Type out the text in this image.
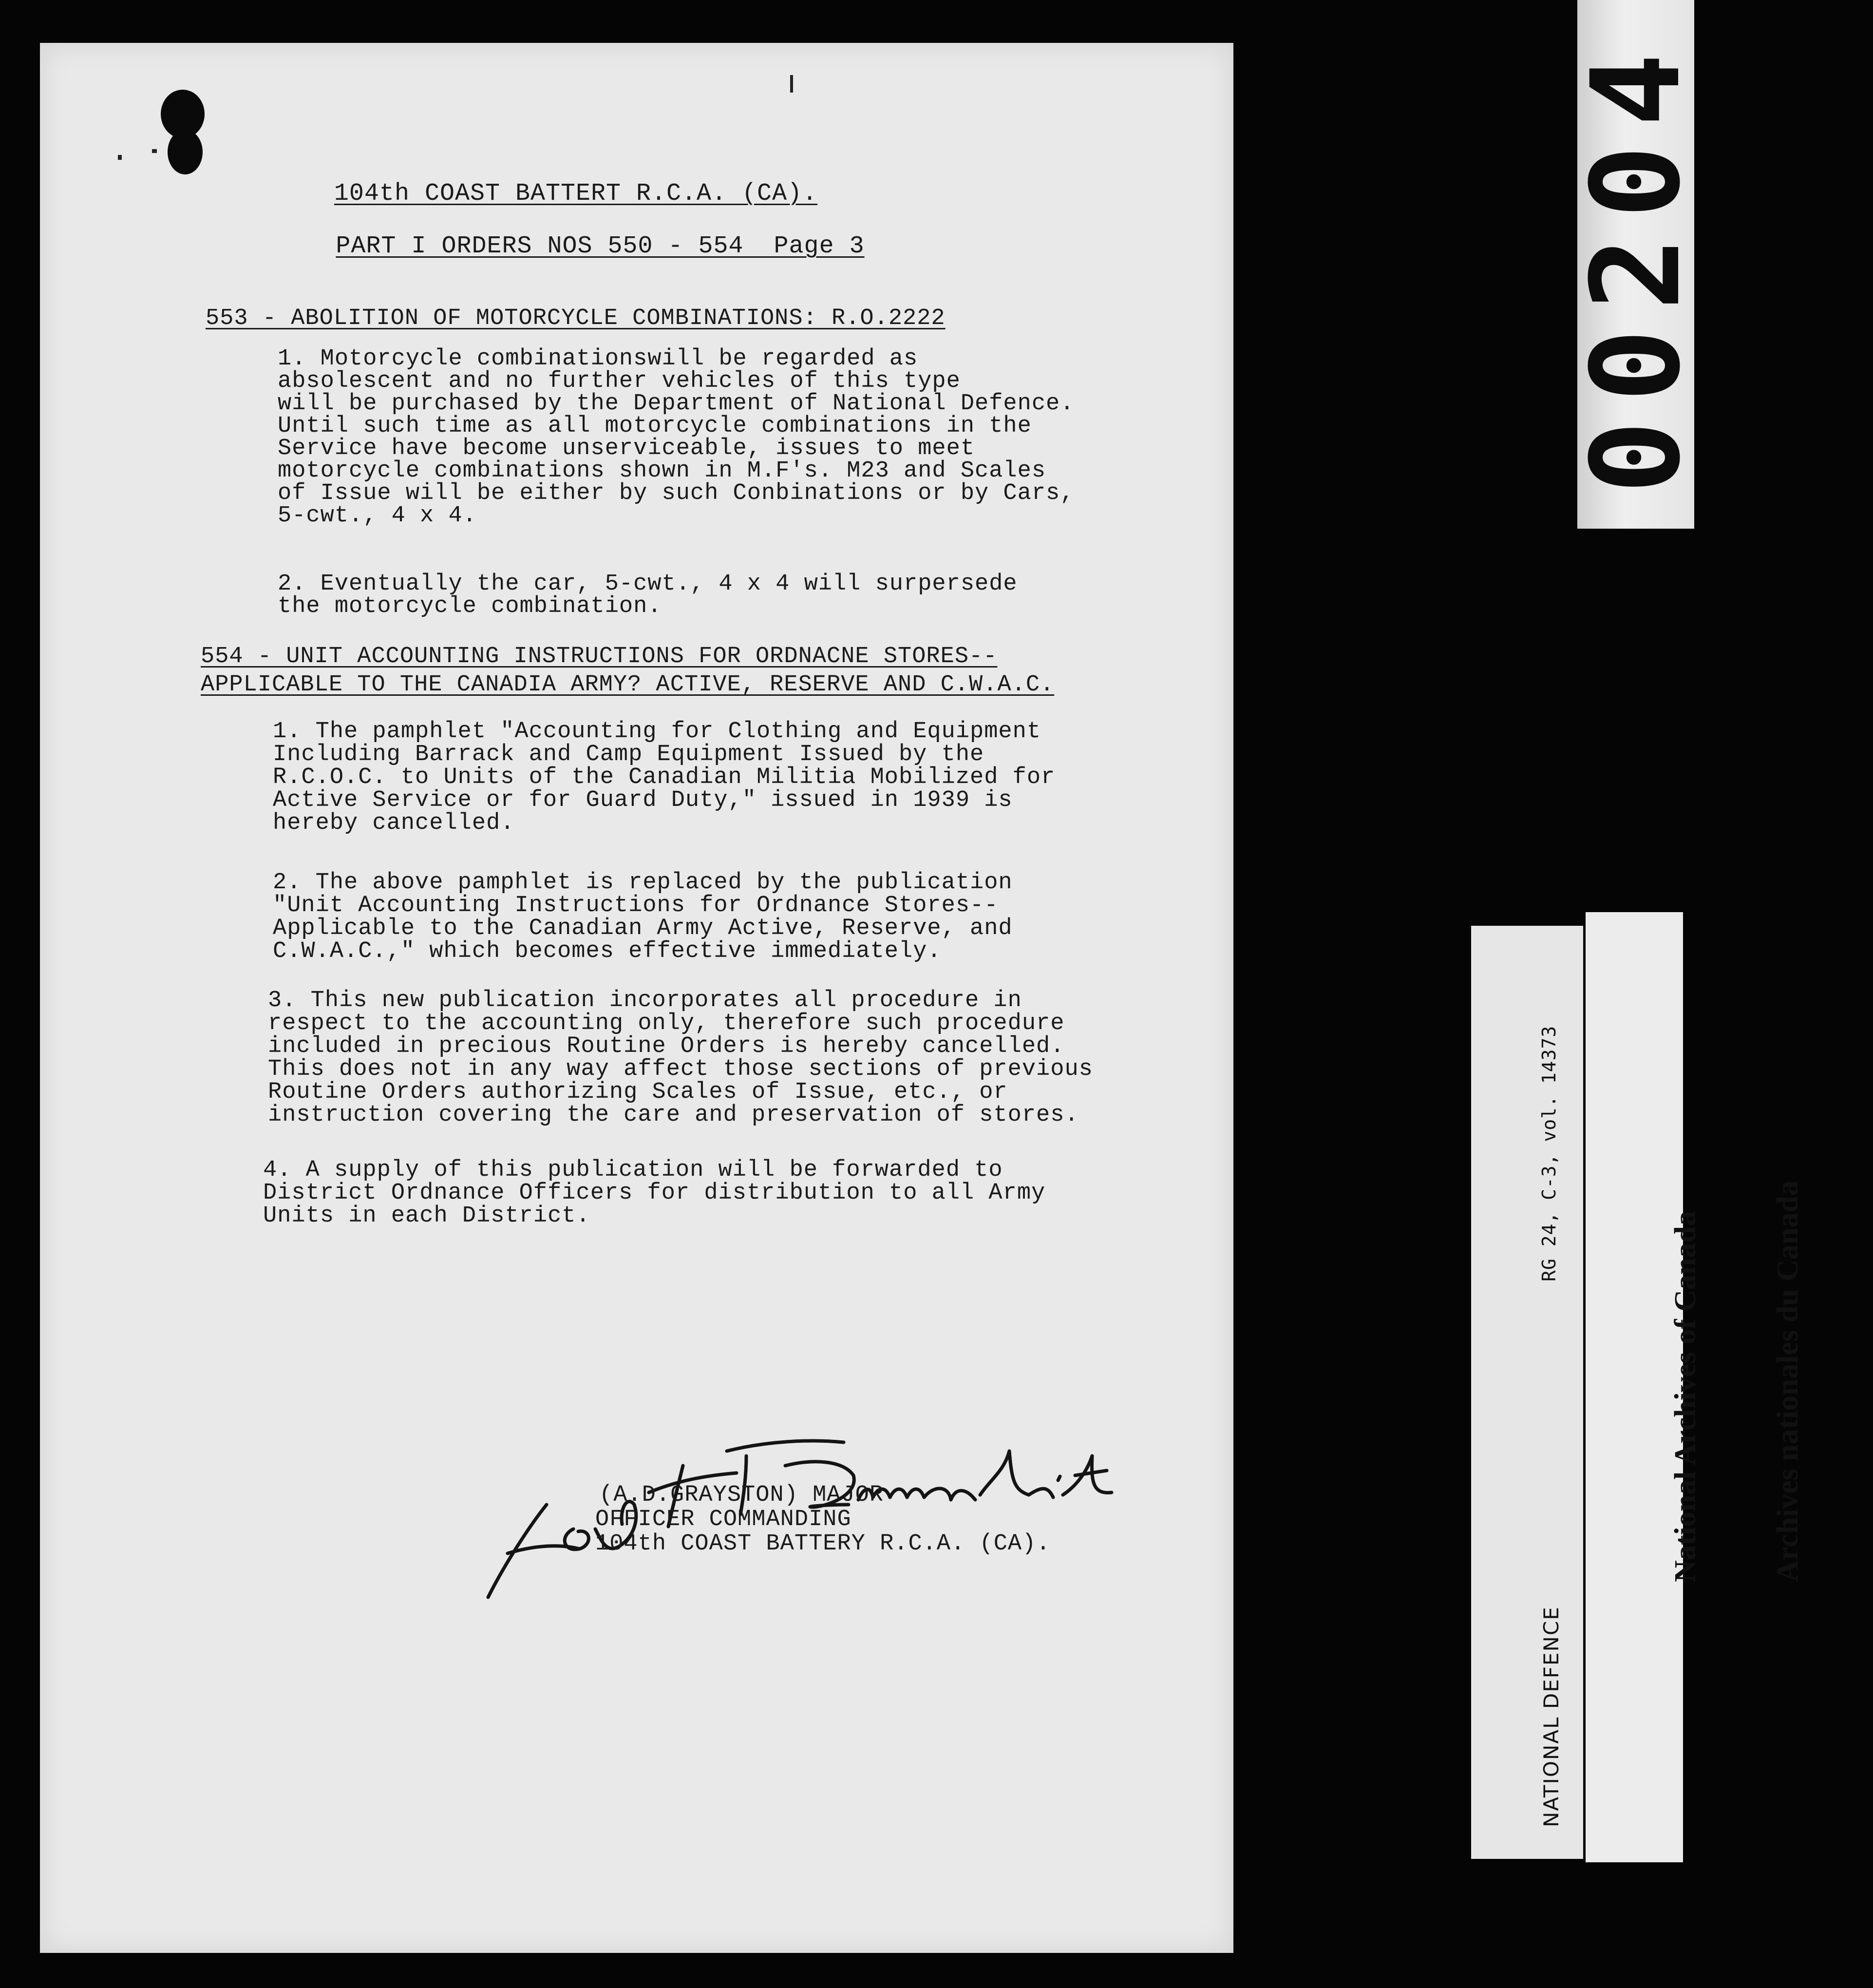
104th COAST BATTERT R.C.A. (CA).
PART I ORDERS NOS 550 - 554  Page 3
553 - ABOLITION OF MOTORCYCLE COMBINATIONS: R.O.2222
1. Motorcycle combinationswill be regarded as
absolescent and no further vehicles of this type
will be purchased by the Department of National Defence.
Until such time as all motorcycle combinations in the
Service have become unserviceable, issues to meet
motorcycle combinations shown in M.F's. M23 and Scales
of Issue will be either by such Conbinations or by Cars,
5-cwt., 4 x 4.
2. Eventually the car, 5-cwt., 4 x 4 will surpersede
the motorcycle combination.
554 - UNIT ACCOUNTING INSTRUCTIONS FOR ORDNACNE STORES--
APPLICABLE TO THE CANADIA ARMY? ACTIVE, RESERVE AND C.W.A.C.
1. The pamphlet "Accounting for Clothing and Equipment
Including Barrack and Camp Equipment Issued by the
R.C.O.C. to Units of the Canadian Militia Mobilized for
Active Service or for Guard Duty," issued in 1939 is
hereby cancelled.
2. The above pamphlet is replaced by the publication
"Unit Accounting Instructions for Ordnance Stores--
Applicable to the Canadian Army Active, Reserve, and
C.W.A.C.," which becomes effective immediately.
3. This new publication incorporates all procedure in
respect to the accounting only, therefore such procedure
included in precious Routine Orders is hereby cancelled.
This does not in any way affect those sections of previous
Routine Orders authorizing Scales of Issue, etc., or
instruction covering the care and preservation of stores.
4. A supply of this publication will be forwarded to
District Ordnance Officers for distribution to all Army
Units in each District.
(A.D.GRAYSTON) MAJOR
OFFICER COMMANDING
104th COAST BATTERY R.C.A. (CA).
00204

NATIONAL DEFENCE

RG 24, C-3, vol. 14373

National Archives of Canada

Archives nationales du Canada
